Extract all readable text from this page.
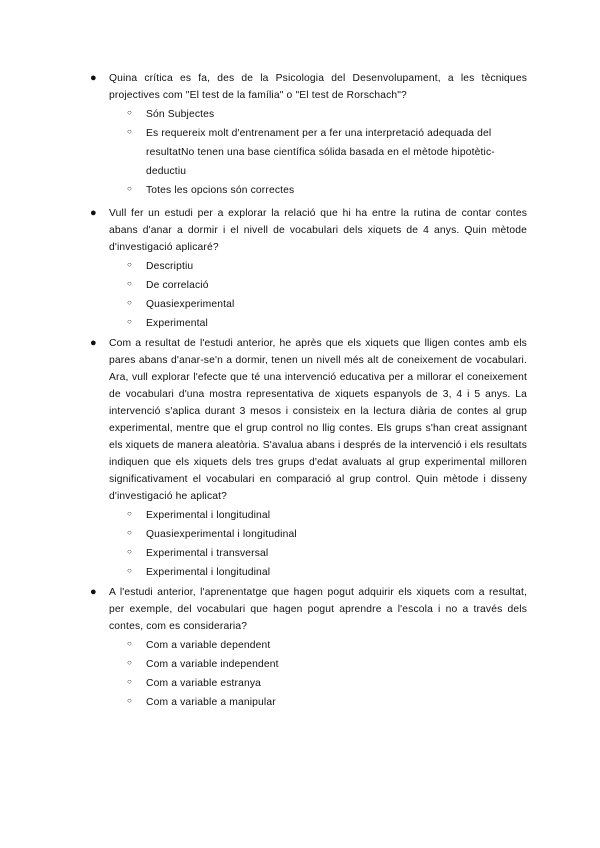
● Quina crítica es fa, des de la Psicologia del Desenvolupament, a les tècniques projectives com "El test de la família" o "El test de Rorschach"?

○ Són Subjectes
○ Es requereix molt d'entrenament per a fer una interpretació adequada del resultatNo tenen una base científica sólida basada en el mètode hipotètic-deductiu
○ Totes les opcions són correctes
● Vull fer un estudi per a explorar la relació que hi ha entre la rutina de contar contes abans d'anar a dormir i el nivell de vocabulari dels xiquets de 4 anys. Quin mètode d'investigació aplicaré?

○ Descriptiu
○ De correlació
○ Quasiexperimental
○ Experimental
● Com a resultat de l'estudi anterior, he après que els xiquets que lligen contes amb els pares abans d'anar-se'n a dormir, tenen un nivell més alt de coneixement de vocabulari. Ara, vull explorar l'efecte que té una intervenció educativa per a millorar el coneixement de vocabulari d'una mostra representativa de xiquets espanyols de 3, 4 i 5 anys. La intervenció s'aplica durant 3 mesos i consisteix en la lectura diària de contes al grup experimental, mentre que el grup control no llig contes. Els grups s'han creat assignant els xiquets de manera aleatòria. S'avalua abans i després de la intervenció i els resultats indiquen que els xiquets dels tres grups d'edat avaluats al grup experimental milloren significativament el vocabulari en comparació al grup control. Quin mètode i disseny d'investigació he aplicat?

○ Experimental i longitudinal
○ Quasiexperimental i longitudinal
○ Experimental i transversal
○ Experimental i longitudinal
● A l'estudi anterior, l'aprenentatge que hagen pogut adquirir els xiquets com a resultat, per exemple, del vocabulari que hagen pogut aprendre a l'escola i no a través dels contes, com es consideraria?

○ Com a variable dependent
○ Com a variable independent
○ Com a variable estranya
○ Com a variable a manipular
